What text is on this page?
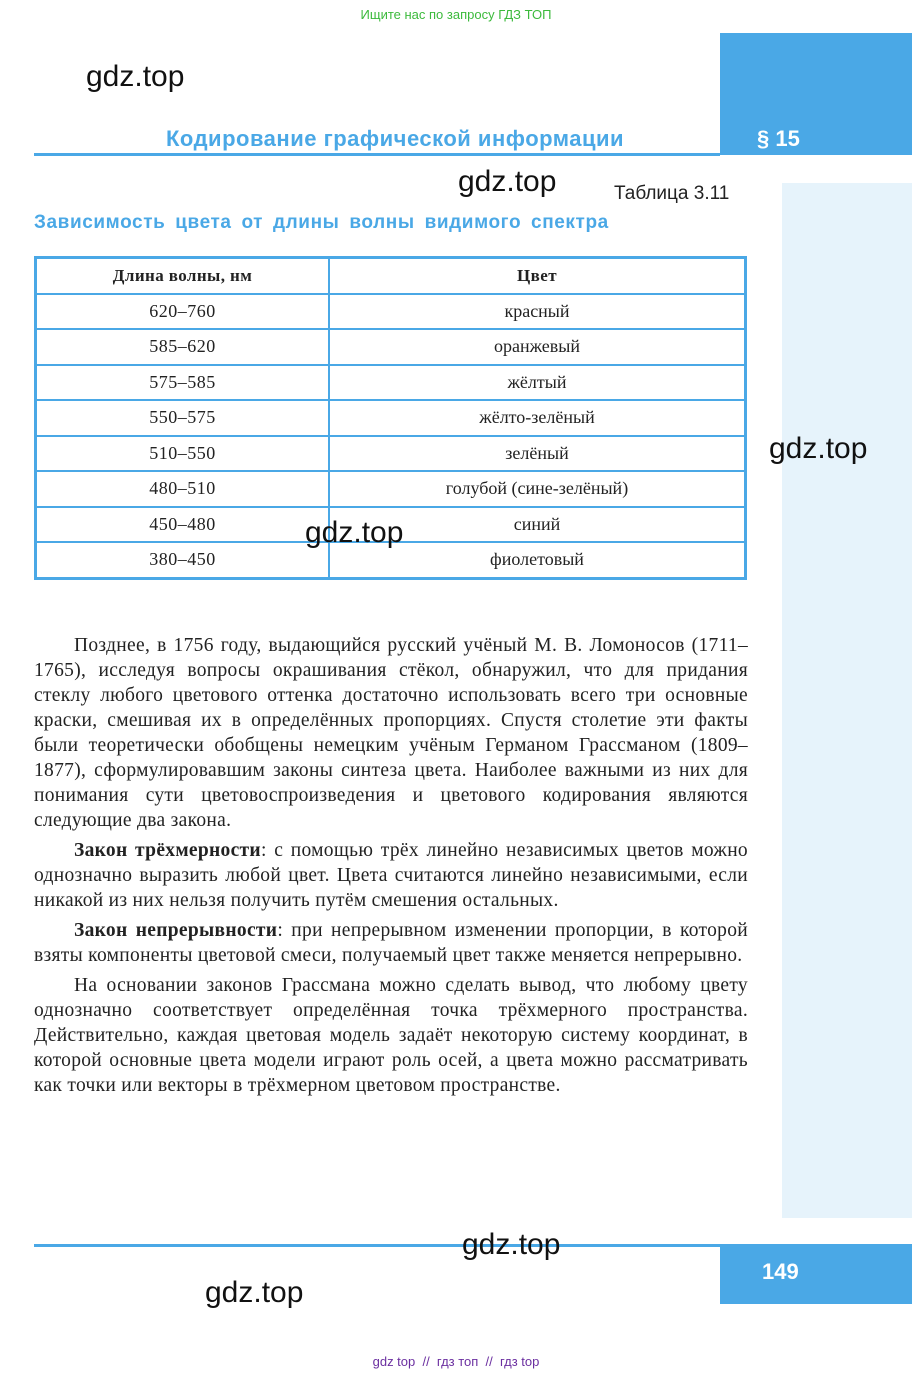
Ищите нас по запросу ГДЗ ТОП
Кодирование графической информации	§ 15
gdz.top
gdz.top
gdz.top
gdz.top
gdz.top
gdz.top
Таблица 3.11
Зависимость цвета от длины волны видимого спектра
Длина волны, нм	Цвет
620–760	красный
585–620	оранжевый
575–585	жёлтый
550–575	жёлто-зелёный
510–550	зелёный
480–510	голубой (сине-зелёный)
450–480	синий
380–450	фиолетовый

Позднее, в 1756 году, выдающийся русский учёный М. В. Ломоносов (1711–1765), исследуя вопросы окрашивания стёкол, обнаружил, что для придания стеклу любого цветового оттенка достаточно использовать всего три основные краски, смешивая их в определённых пропорциях. Спустя столетие эти факты были теоретически обобщены немецким учёным Германом Грассманом (1809–1877), сформулировавшим законы синтеза цвета. Наиболее важными из них для понимания сути цветовоспроизведения и цветового кодирования являются следующие два закона.

Закон трёхмерности: с помощью трёх линейно независимых цветов можно однозначно выразить любой цвет. Цвета считаются линейно независимыми, если никакой из них нельзя получить путём смешения остальных.

Закон непрерывности: при непрерывном изменении пропорции, в которой взяты компоненты цветовой смеси, получаемый цвет также меняется непрерывно.

На основании законов Грассмана можно сделать вывод, что любому цвету однозначно соответствует определённая точка трёхмерного пространства. Действительно, каждая цветовая модель задаёт некоторую систему координат, в которой основные цвета модели играют роль осей, а цвета можно рассматривать как точки или векторы в трёхмерном цветовом пространстве.

149
gdz top  //  гдз топ  //  гдз top
